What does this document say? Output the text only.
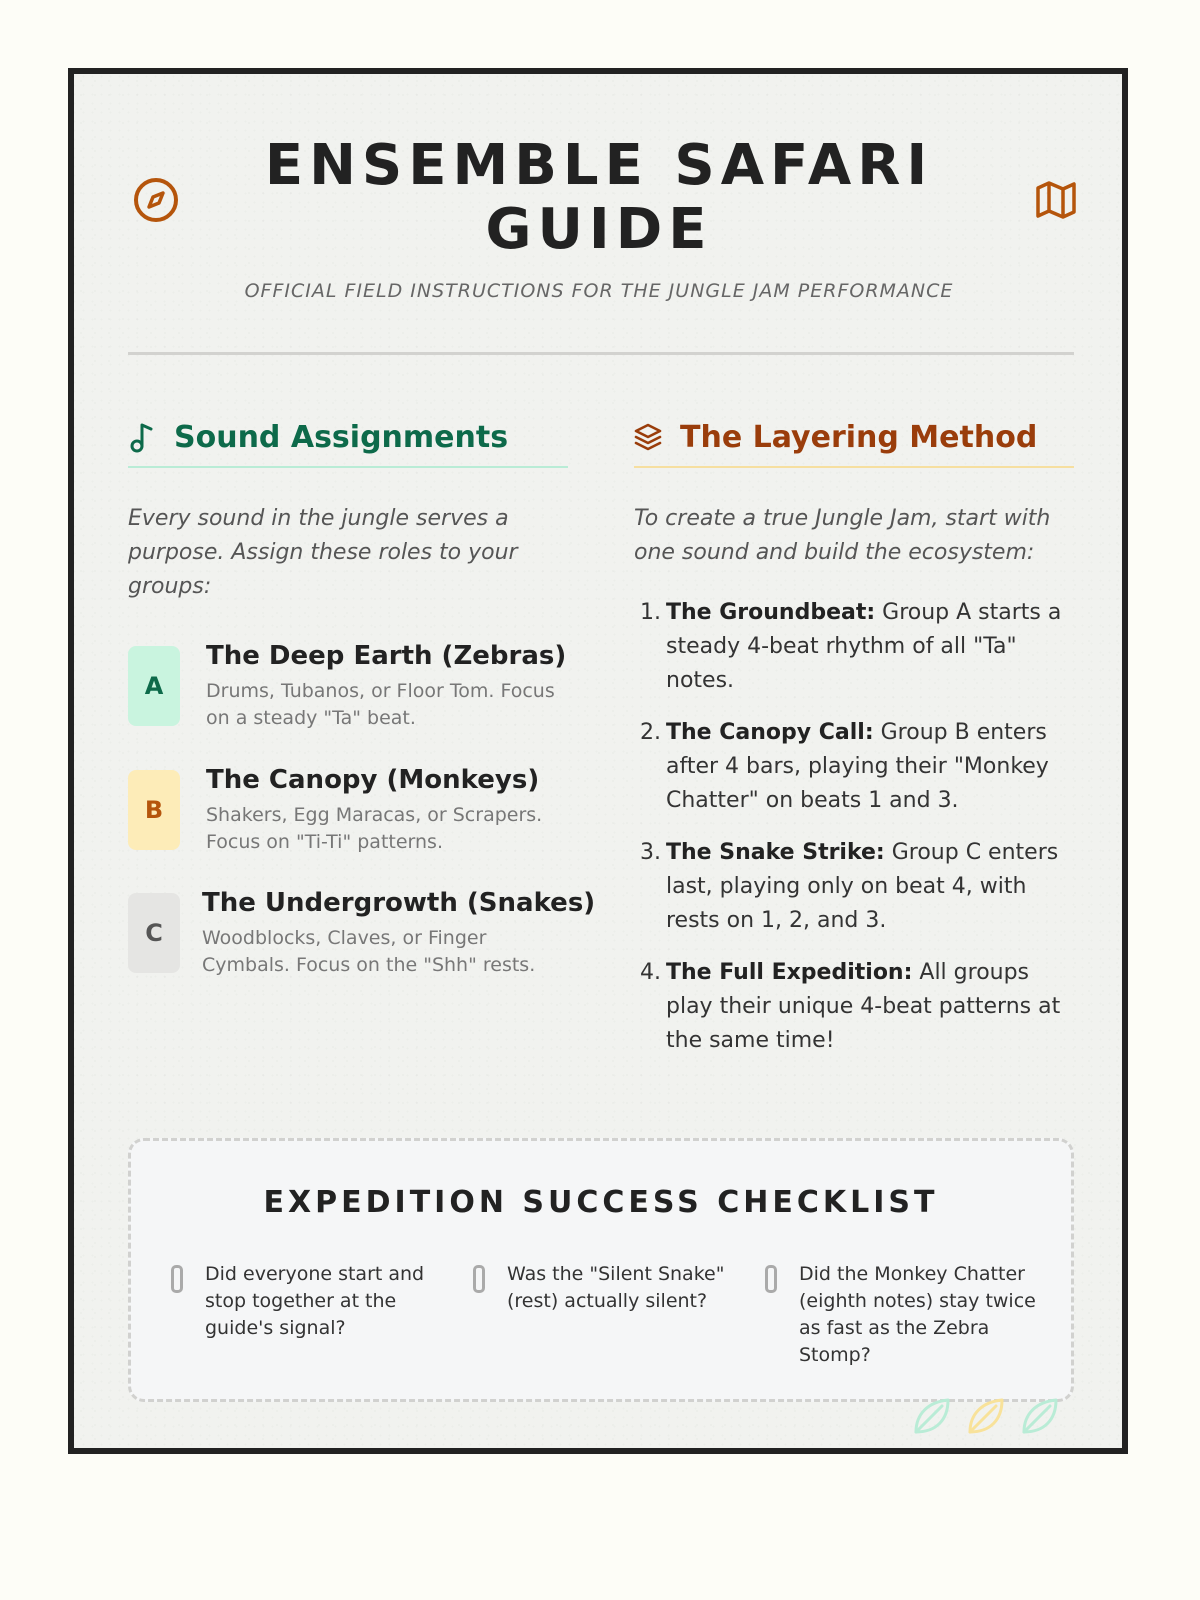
ENSEMBLE SAFARI GUIDE
OFFICIAL FIELD INSTRUCTIONS FOR THE JUNGLE JAM PERFORMANCE
Sound Assignments
Every sound in the jungle serves a purpose. Assign these roles to your groups:
A
The Deep Earth (Zebras)
Drums, Tubanos, or Floor Tom. Focus on a steady "Ta" beat.
B
The Canopy (Monkeys)
Shakers, Egg Maracas, or Scrapers. Focus on "Ti-Ti" patterns.
C
The Undergrowth (Snakes)
Woodblocks, Claves, or Finger Cymbals. Focus on the "Shh" rests.
The Layering Method
To create a true Jungle Jam, start with one sound and build the ecosystem:
1. The Groundbeat: Group A starts a steady 4-beat rhythm of all "Ta" notes.
2. The Canopy Call: Group B enters after 4 bars, playing their "Monkey Chatter" on beats 1 and 3.
3. The Snake Strike: Group C enters last, playing only on beat 4, with rests on 1, 2, and 3.
4. The Full Expedition: All groups play their unique 4-beat patterns at the same time!
EXPEDITION SUCCESS CHECKLIST
Did everyone start and stop together at the guide's signal?
Was the "Silent Snake" (rest) actually silent?
Did the Monkey Chatter (eighth notes) stay twice as fast as the Zebra Stomp?
